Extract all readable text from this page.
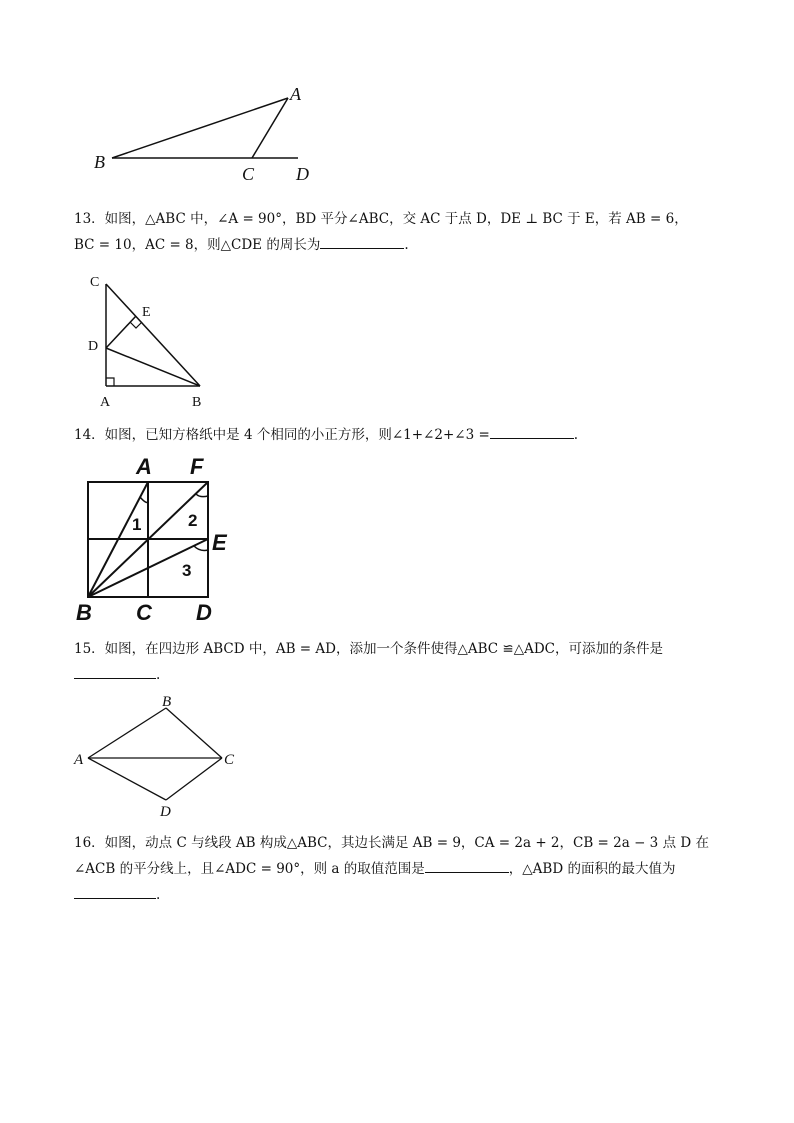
A
B
C D
13．如图，△ABC 中，∠A = 90°，BD 平分∠ABC，交 AC 于点 D，DE ⊥ BC 于 E，若 AB = 6，
BC = 10，AC = 8，则△CDE 的周长为	.
C
E
D
A	B
14．如图，已知方格纸中是 4 个相同的小正方形，则∠1+∠2+∠3 =	.
1	2
3
A F
E
B C D
15．如图，在四边形 ABCD 中，AB = AD，添加一个条件使得△ABC ≌△ADC，可添加的条件是
.
B
A	C
D
16．如图，动点 C 与线段 AB 构成△ABC，其边长满足 AB = 9，CA = 2a + 2，CB = 2a − 3 点 D 在
∠ACB 的平分线上，且∠ADC = 90°，则 a 的取值范围是	，△ABD 的面积的最大值为
.
